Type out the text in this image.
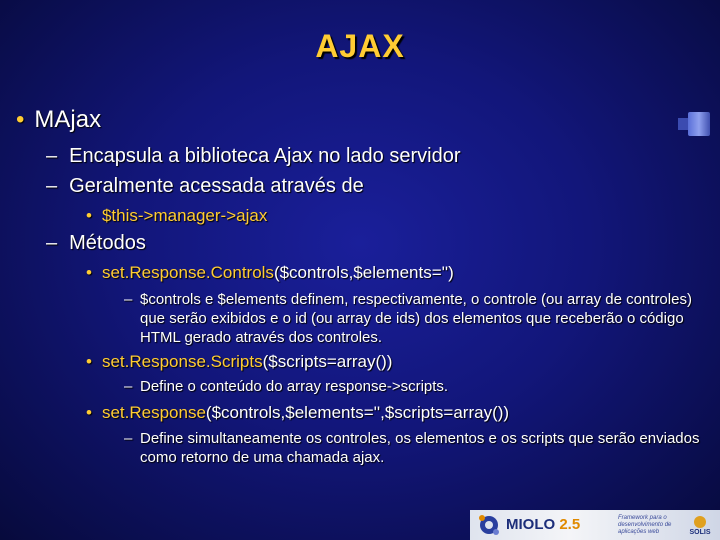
AJAX
• MAjax
– Encapsula a biblioteca Ajax no lado servidor
– Geralmente acessada através de
• $this->manager->ajax
– Métodos
• set.Response.Controls($controls,$elements='')
– $controls e $elements definem, respectivamente, o controle (ou array de controles) que serão exibidos e o id (ou array de ids) dos elementos que receberão o código HTML gerado através dos controles.
• set.Response.Scripts($scripts=array())
– Define o conteúdo do array response->scripts.
• set.Response($controls,$elements='',$scripts=array())
– Define simultaneamente os controles, os elementos e os scripts que serão enviados como retorno de uma chamada ajax.
MIOLO 2.5	Framework para o desenvolvimento de aplicações web	SOLIS
